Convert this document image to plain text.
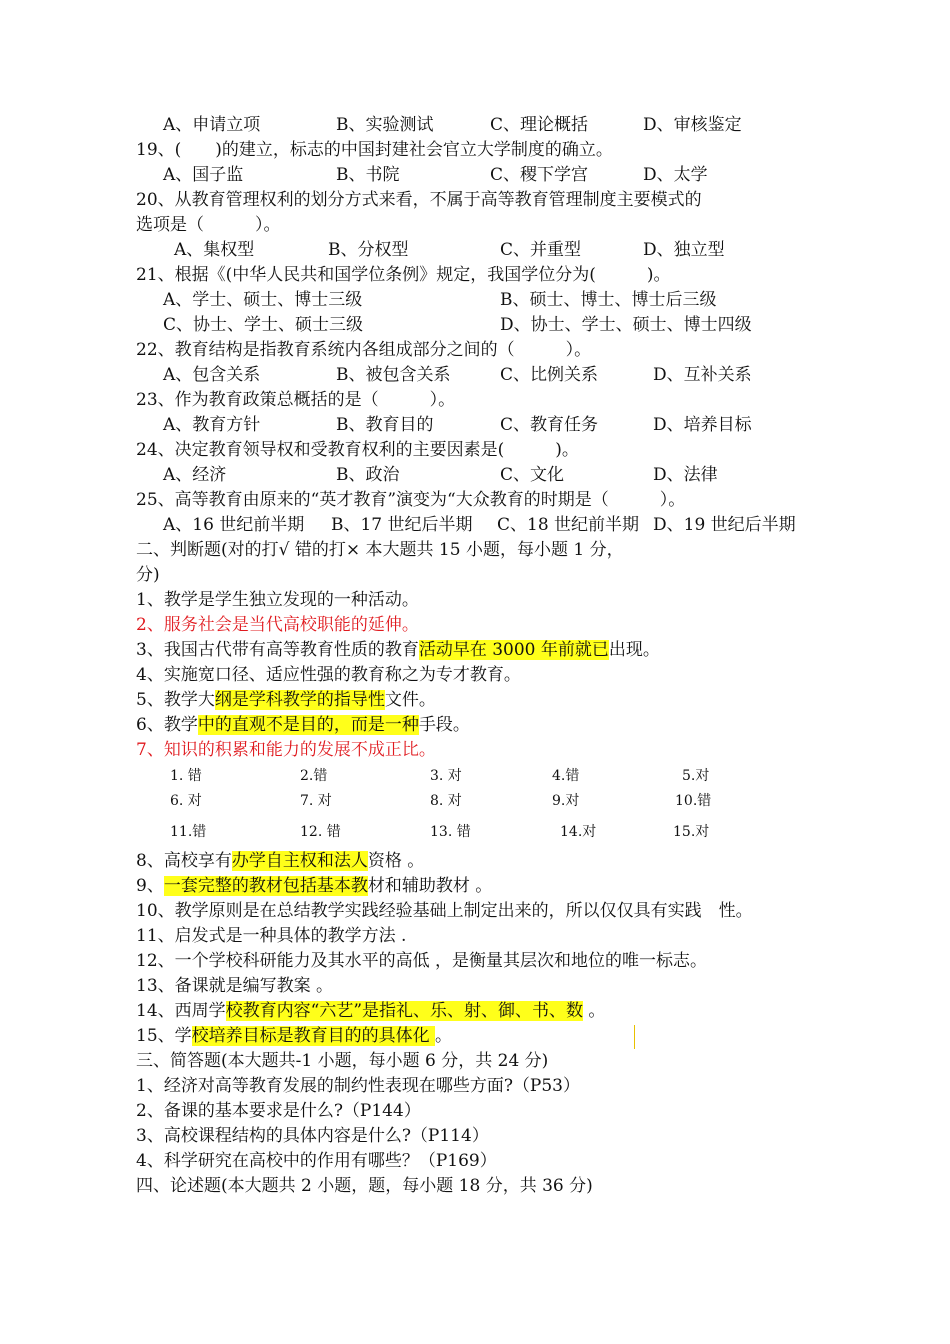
A、申请立项	B、实验测试	C、理论概括	D、审核鉴定
19、(　　)的建立，标志的中国封建社会官立大学制度的确立。
A、国子监	B、书院	C、稷下学宫	D、太学
20、从教育管理权利的划分方式来看，不属于高等教育管理制度主要模式的
选项是（　　　）。
A、集权型	B、分权型	C、并重型	D、独立型
21、根据《(中华人民共和国学位条例》规定，我国学位分为(　　　)。
A、学士、硕士、博士三级	B、硕士、博士、博士后三级
C、协士、学士、硕士三级	D、协士、学士、硕士、博士四级
22、教育结构是指教育系统内各组成部分之间的（　　　）。
A、包含关系	B、被包含关系	C、比例关系	D、互补关系
23、作为教育政策总概括的是（　　　）。
A、教育方针	B、教育目的	C、教育任务	D、培养目标
24、决定教育领导权和受教育权利的主要因素是(　　　)。
A、经济	B、政治	C、文化	D、法律
25、高等教育由原来的“英才教育”演变为“大众教育的时期是（　　　）。
A、16 世纪前半期 B、17 世纪后半期 C、18 世纪前半期 D、19 世纪后半期
二、判断题(对的打√ 错的打× 本大题共 15 小题，每小题 1 分，
分)
1、教学是学生独立发现的一种活动。
2、服务社会是当代高校职能的延伸。
3、我国古代带有高等教育性质的教育活动早在 3000 年前就已出现。
4、实施宽口径、适应性强的教育称之为专才教育。
5、教学大纲是学科教学的指导性文件。
6、教学中的直观不是目的，而是一种手段。
7、知识的积累和能力的发展不成正比。
1. 错	2.错	3. 对	4.错	5.对
6. 对	7. 对	8. 对	9.对	10.错
11.错	12. 错	13. 错	14.对	15.对
8、高校享有办学自主权和法人资格 。
9、一套完整的教材包括基本教材和辅助教材 。
10、教学原则是在总结教学实践经验基础上制定出来的，所以仅仅具有实践　性。
11、启发式是一种具体的教学方法 .
12、一个学校科研能力及其水平的高低 ，是衡量其层次和地位的唯一标志。
13、备课就是编写教案 。
14、西周学校教育内容“六艺”是指礼、乐、射、御、书、数 。
15、学校培养目标是教育目的的具体化 。
三、简答题(本大题共-1 小题，每小题 6 分，共 24 分)
1、经济对高等教育发展的制约性表现在哪些方面?（P53）
2、备课的基本要求是什么?（P144）
3、高校课程结构的具体内容是什么?（P114）
4、科学研究在高校中的作用有哪些？（P169）
四、论述题(本大题共 2 小题，题，每小题 18 分，共 36 分)
